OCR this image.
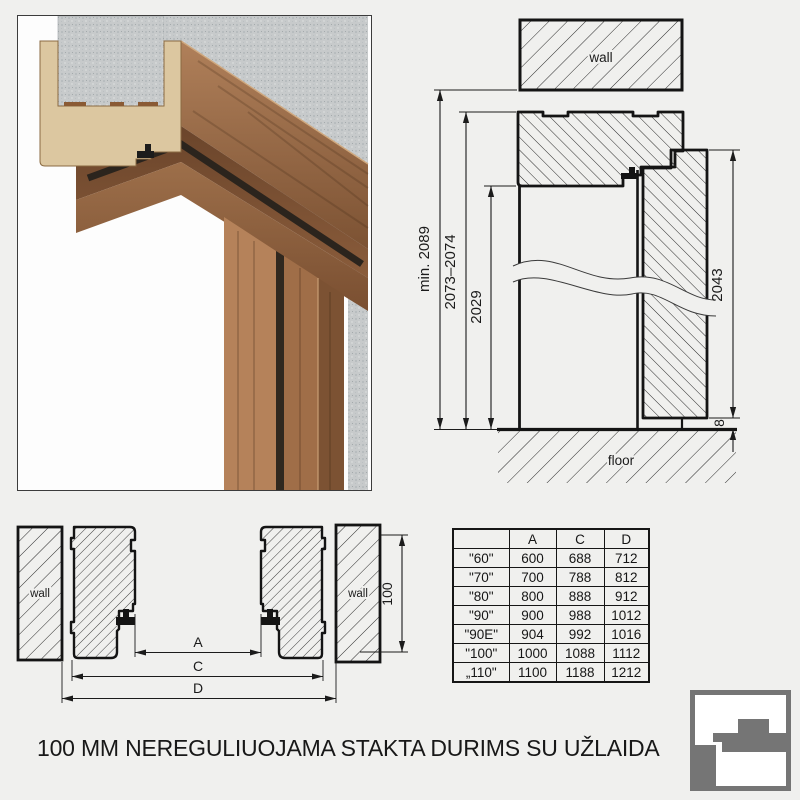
wall
floor
min. 2089 2073–2074 2029
2043
8
wall	wall
A
C
D
100
	A	C	D
"60"	600	688	712
"70"	700	788	812
"80"	800	888	912
"90"	900	988	1012
"90E"	904	992	1016
"100"	1000	1088	1112
„110"	1100	1188	1212
100 MM NEREGULIUOJAMA STAKTA DURIMS SU UŽLAIDA
